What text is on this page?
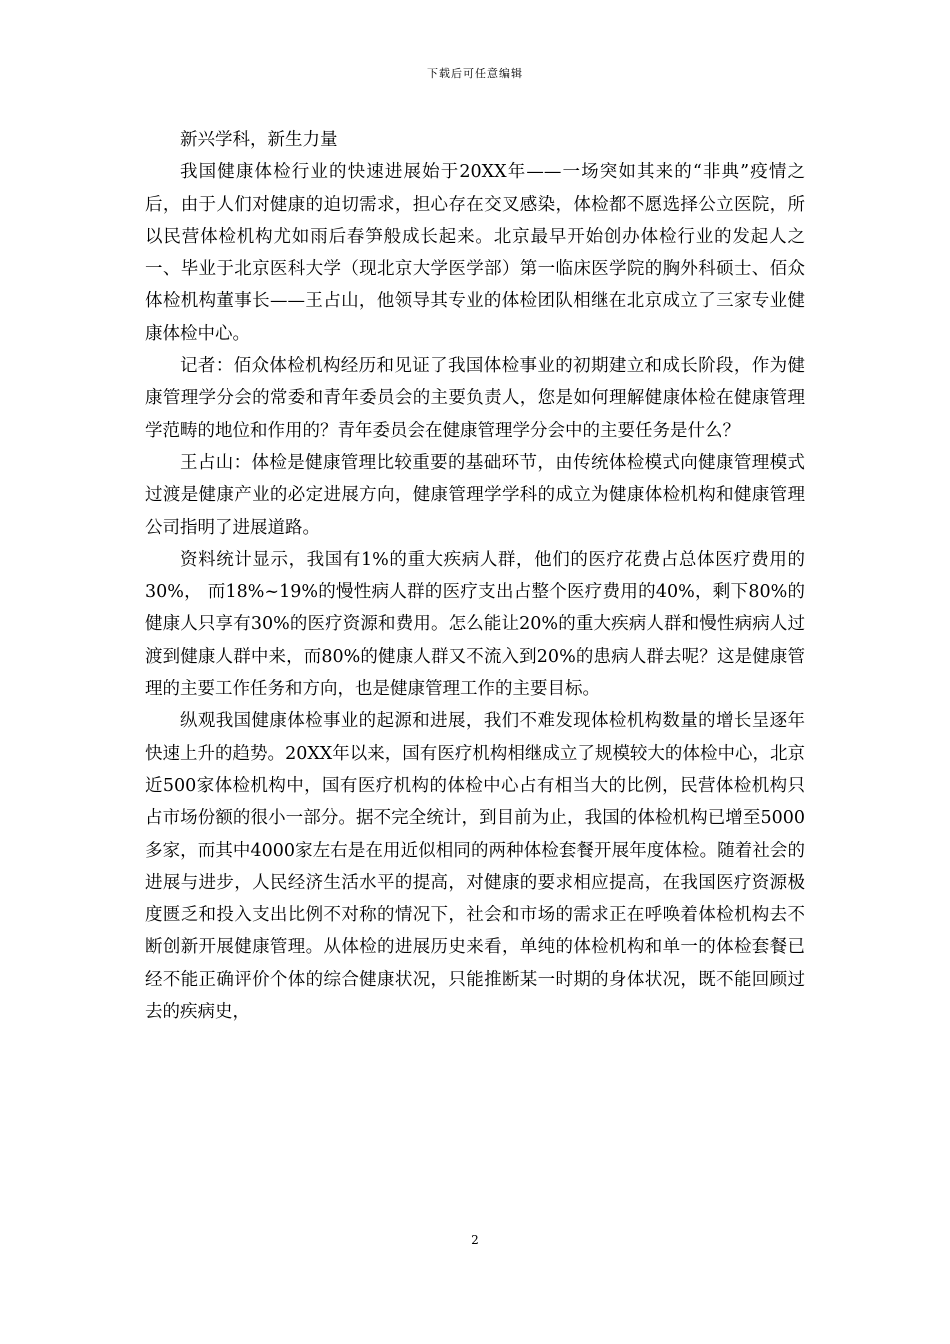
下载后可任意编辑

新兴学科，新生力量

我国健康体检行业的快速进展始于20XX年——一场突如其来的“非典”疫情之后，由于人们对健康的迫切需求，担心存在交叉感染，体检都不愿选择公立医院，所以民营体检机构尤如雨后春笋般成长起来。北京最早开始创办体检行业的发起人之一、毕业于北京医科大学（现北京大学医学部）第一临床医学院的胸外科硕士、佰众体检机构董事长——王占山，他领导其专业的体检团队相继在北京成立了三家专业健康体检中心。

记者：佰众体检机构经历和见证了我国体检事业的初期建立和成长阶段，作为健康管理学分会的常委和青年委员会的主要负责人，您是如何理解健康体检在健康管理学范畴的地位和作用的？青年委员会在健康管理学分会中的主要任务是什么？

王占山：体检是健康管理比较重要的基础环节，由传统体检模式向健康管理模式过渡是健康产业的必定进展方向，健康管理学学科的成立为健康体检机构和健康管理公司指明了进展道路。

资料统计显示，我国有1%的重大疾病人群，他们的医疗花费占总体医疗费用的30%， 而18%~19%的慢性病人群的医疗支出占整个医疗费用的40%，剩下80%的健康人只享有30%的医疗资源和费用。怎么能让20%的重大疾病人群和慢性病病人过渡到健康人群中来，而80%的健康人群又不流入到20%的患病人群去呢？这是健康管理的主要工作任务和方向，也是健康管理工作的主要目标。

纵观我国健康体检事业的起源和进展，我们不难发现体检机构数量的增长呈逐年快速上升的趋势。20XX年以来，国有医疗机构相继成立了规模较大的体检中心，北京近500家体检机构中，国有医疗机构的体检中心占有相当大的比例，民营体检机构只占市场份额的很小一部分。据不完全统计，到目前为止，我国的体检机构已增至5000多家，而其中4000家左右是在用近似相同的两种体检套餐开展年度体检。随着社会的进展与进步，人民经济生活水平的提高，对健康的要求相应提高，在我国医疗资源极度匮乏和投入支出比例不对称的情况下，社会和市场的需求正在呼唤着体检机构去不断创新开展健康管理。从体检的进展历史来看，单纯的体检机构和单一的体检套餐已经不能正确评价个体的综合健康状况，只能推断某一时期的身体状况，既不能回顾过去的疾病史，

2
